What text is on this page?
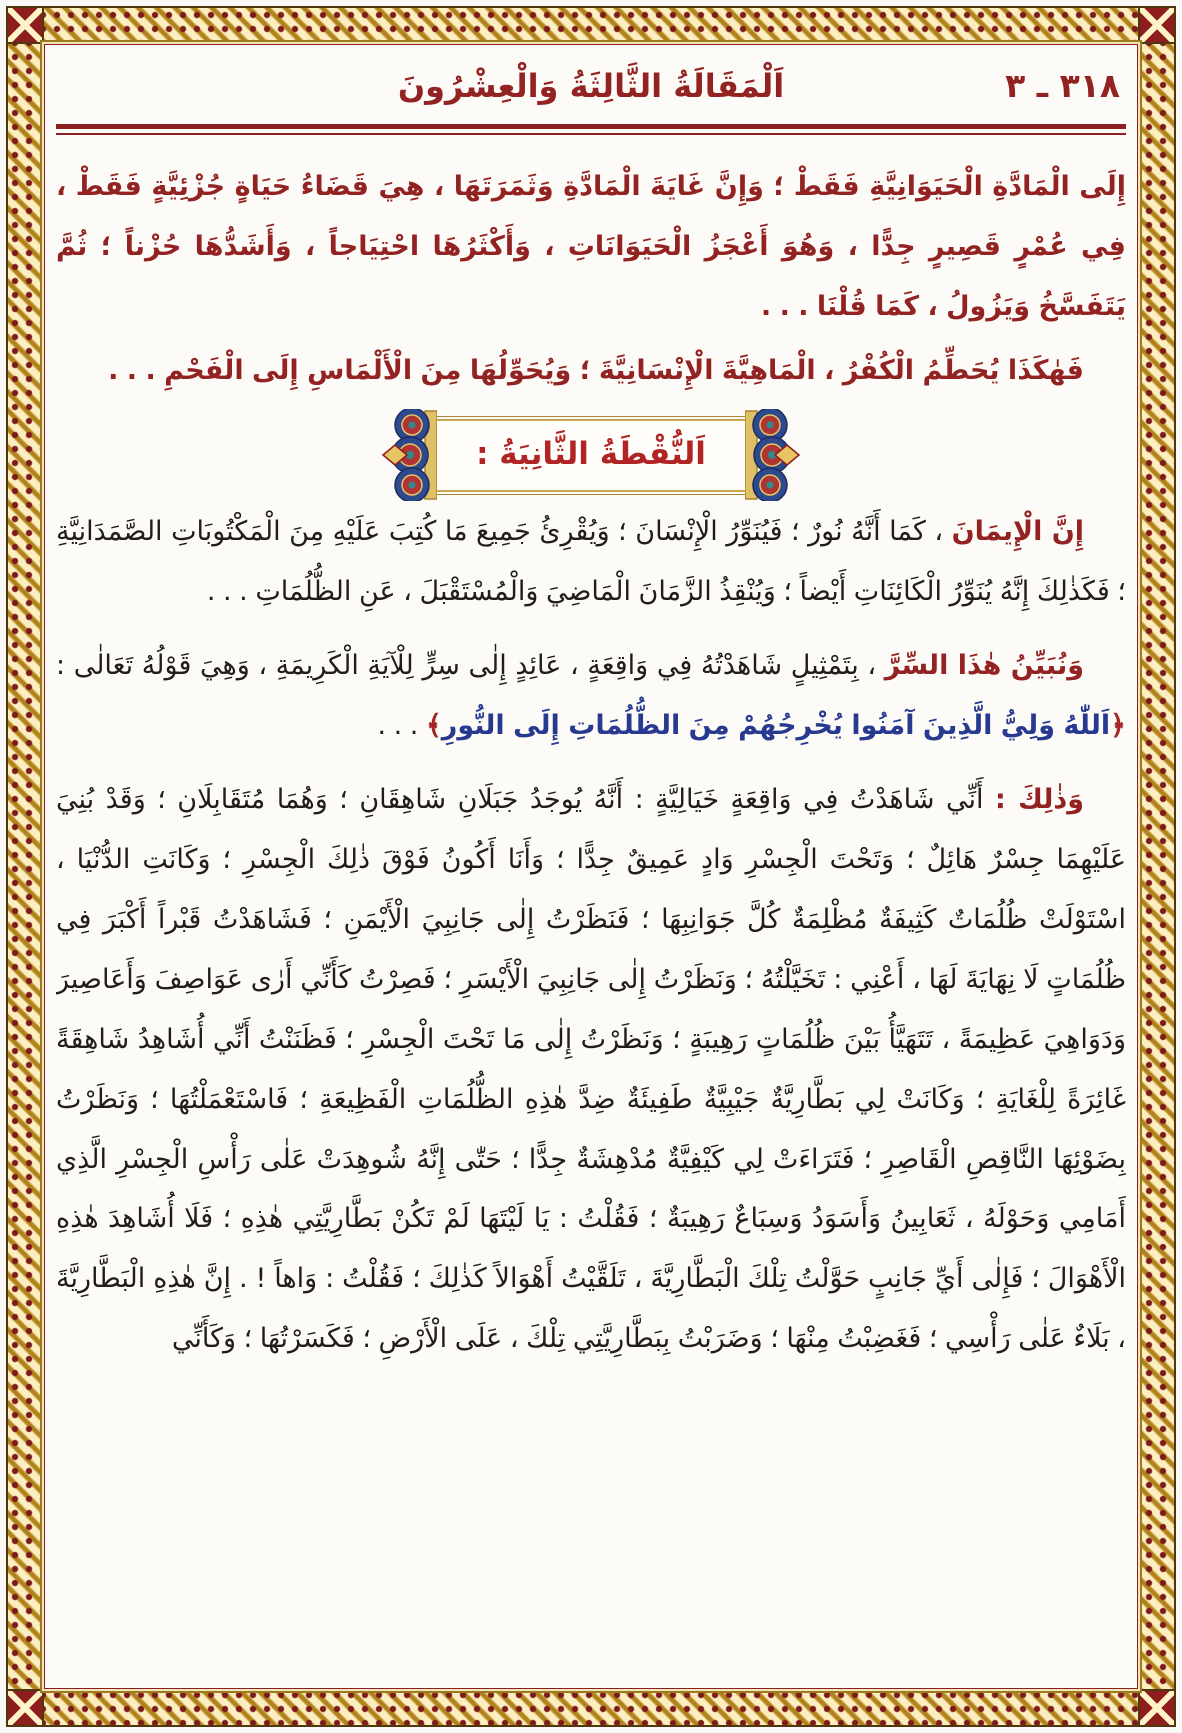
٣١٨ ـ ٣
اَلْمَقَالَةُ الثَّالِثَةُ وَالْعِشْرُونَ

إِلَى الْمَادَّةِ الْحَيَوَانِيَّةِ فَقَطْ ؛ وَإِنَّ غَايَةَ الْمَادَّةِ وَثَمَرَتَهَا ، هِيَ قَضَاءُ حَيَاةٍ جُزْئِيَّةٍ فَقَطْ ، فِي عُمْرٍ قَصِيرٍ جِدًّا ، وَهُوَ أَعْجَزُ الْحَيَوَانَاتِ ، وَأَكْثَرُهَا احْتِيَاجاً ، وَأَشَدُّهَا حُزْناً ؛ ثُمَّ يَتَفَسَّخُ وَيَزُولُ ، كَمَا قُلْنَا . . .

فَهٰكَذَا يُحَطِّمُ الْكُفْرُ ، الْمَاهِيَّةَ الْإِنْسَانِيَّةَ ؛ وَيُحَوِّلُهَا مِنَ الْأَلْمَاسِ إِلَى الْفَحْمِ . . .

اَلنُّقْطَةُ الثَّانِيَةُ :

إِنَّ الْإِيمَانَ ، كَمَا أَنَّهُ نُورٌ ؛ فَيُنَوِّرُ الْإِنْسَانَ ؛ وَيُقْرِئُ جَمِيعَ مَا كُتِبَ عَلَيْهِ مِنَ الْمَكْتُوبَاتِ الصَّمَدَانِيَّةِ ؛ فَكَذٰلِكَ إِنَّهُ يُنَوِّرُ الْكَائِنَاتِ أَيْضاً ؛ وَيُنْقِذُ الزَّمَانَ الْمَاضِيَ وَالْمُسْتَقْبَلَ ، عَنِ الظُّلُمَاتِ . . .

وَنُبَيِّنُ هٰذَا السِّرَّ ، بِتَمْثِيلٍ شَاهَدْتُهُ فِي وَاقِعَةٍ ، عَائِدٍ إِلٰى سِرٍّ لِلْآيَةِ الْكَرِيمَةِ ، وَهِيَ قَوْلُهُ تَعَالٰى : ﴿اَللّٰهُ وَلِيُّ الَّذِينَ آمَنُوا يُخْرِجُهُمْ مِنَ الظُّلُمَاتِ إِلَى النُّورِ﴾ . . .

وَذٰلِكَ : أَنِّي شَاهَدْتُ فِي وَاقِعَةٍ خَيَالِيَّةٍ : أَنَّهُ يُوجَدُ جَبَلَانِ شَاهِقَانِ ؛ وَهُمَا مُتَقَابِلَانِ ؛ وَقَدْ بُنِيَ عَلَيْهِمَا جِسْرٌ هَائِلٌ ؛ وَتَحْتَ الْجِسْرِ وَادٍ عَمِيقٌ جِدًّا ؛ وَأَنَا أَكُونُ فَوْقَ ذٰلِكَ الْجِسْرِ ؛ وَكَانَتِ الدُّنْيَا ، اسْتَوْلَتْ ظُلُمَاتٌ كَثِيفَةٌ مُظْلِمَةٌ كُلَّ جَوَانِبِهَا ؛ فَنَظَرْتُ إِلٰى جَانِبِيَ الْأَيْمَنِ ؛ فَشَاهَدْتُ قَبْراً أَكْبَرَ فِي ظُلُمَاتٍ لَا نِهَايَةَ لَهَا ، أَعْنِي : تَخَيَّلْتُهُ ؛ وَنَظَرْتُ إِلٰى جَانِبِيَ الْأَيْسَرِ ؛ فَصِرْتُ كَأَنِّي أَرٰى عَوَاصِفَ وَأَعَاصِيرَ وَدَوَاهِيَ عَظِيمَةً ، تَتَهَيَّأُ بَيْنَ ظُلُمَاتٍ رَهِيبَةٍ ؛ وَنَظَرْتُ إِلٰى مَا تَحْتَ الْجِسْرِ ؛ فَظَنَنْتُ أَنِّي أُشَاهِدُ شَاهِقَةً غَائِرَةً لِلْغَايَةِ ؛ وَكَانَتْ لِي بَطَّارِيَّةٌ جَيْبِيَّةٌ طَفِيئَةٌ ضِدَّ هٰذِهِ الظُّلُمَاتِ الْفَظِيعَةِ ؛ فَاسْتَعْمَلْتُهَا ؛ وَنَظَرْتُ بِضَوْئِهَا النَّاقِصِ الْقَاصِرِ ؛ فَتَرَاءَتْ لِي كَيْفِيَّةٌ مُدْهِشَةٌ جِدًّا ؛ حَتّٰى إِنَّهُ شُوهِدَتْ عَلٰى رَأْسِ الْجِسْرِ الَّذِي أَمَامِي وَحَوْلَهُ ، ثَعَابِينُ وَأَسَوَدُ وَسِبَاعٌ رَهِيبَةٌ ؛ فَقُلْتُ : يَا لَيْتَهَا لَمْ تَكُنْ بَطَّارِيَّتِي هٰذِهِ ؛ فَلَا أُشَاهِدَ هٰذِهِ الْأَهْوَالَ ؛ فَإِلٰى أَيِّ جَانِبٍ حَوَّلْتُ تِلْكَ الْبَطَّارِيَّةَ ، تَلَقَّيْتُ أَهْوَالاً كَذٰلِكَ ؛ فَقُلْتُ : وَاهاً ! . إِنَّ هٰذِهِ الْبَطَّارِيَّةَ ، بَلَاءٌ عَلٰى رَأْسِي ؛ فَغَضِبْتُ مِنْهَا ؛ وَضَرَبْتُ بِبَطَّارِيَّتِي تِلْكَ ، عَلَى الْأَرْضِ ؛ فَكَسَرْتُهَا ؛ وَكَأَنِّي
